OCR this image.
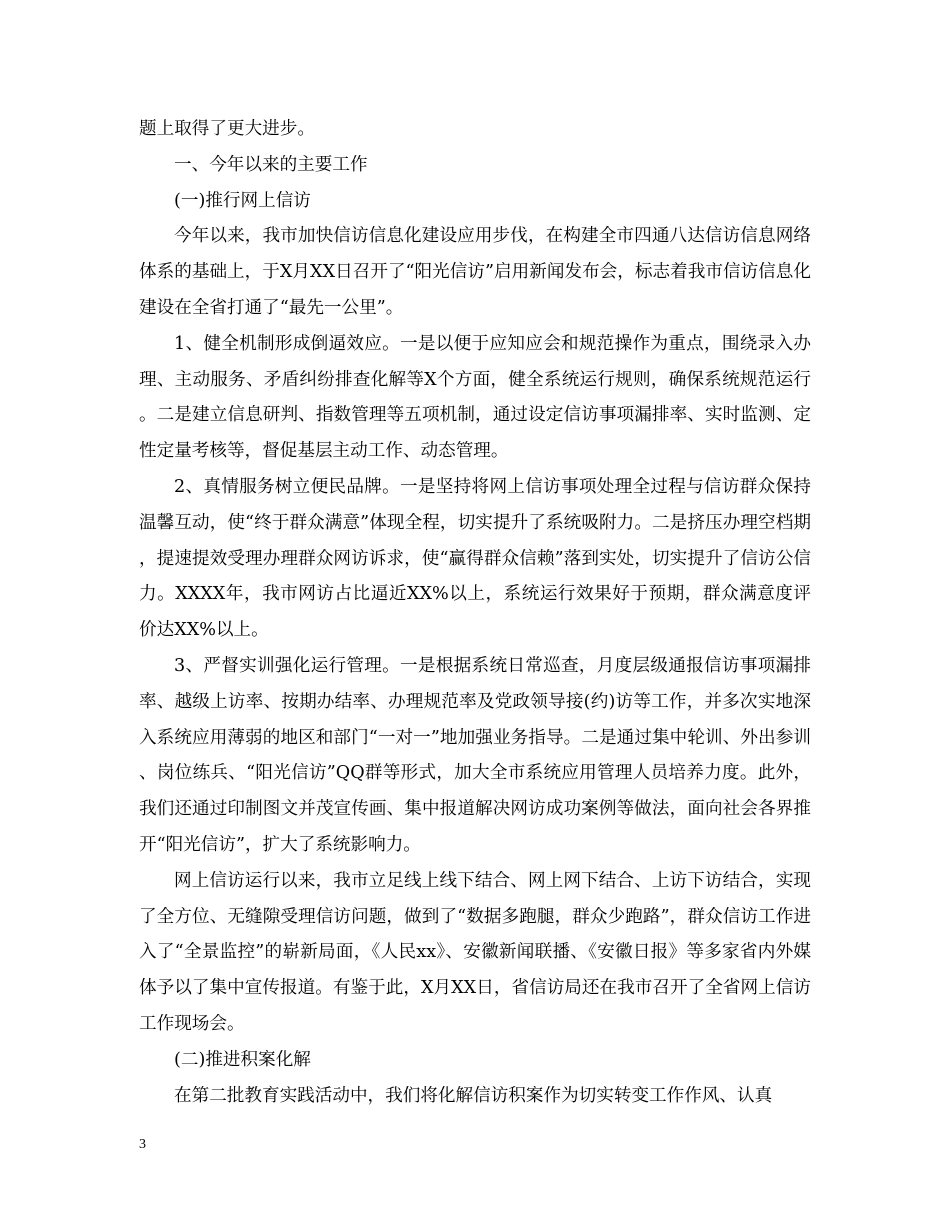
题上取得了更大进步。

一、今年以来的主要工作

(一)推行网上信访

今年以来，我市加快信访信息化建设应用步伐，在构建全市四通八达信访信息网络体系的基础上，于X月XX日召开了“阳光信访”启用新闻发布会，标志着我市信访信息化建设在全省打通了“最先一公里”。

1、健全机制形成倒逼效应。一是以便于应知应会和规范操作为重点，围绕录入办理、主动服务、矛盾纠纷排查化解等X个方面，健全系统运行规则，确保系统规范运行。二是建立信息研判、指数管理等五项机制，通过设定信访事项漏排率、实时监测、定性定量考核等，督促基层主动工作、动态管理。

2、真情服务树立便民品牌。一是坚持将网上信访事项处理全过程与信访群众保持温馨互动，使“终于群众满意”体现全程，切实提升了系统吸附力。二是挤压办理空档期，提速提效受理办理群众网访诉求，使“赢得群众信赖”落到实处，切实提升了信访公信力。XXXX年，我市网访占比逼近XX%以上，系统运行效果好于预期，群众满意度评价达XX%以上。

3、严督实训强化运行管理。一是根据系统日常巡查，月度层级通报信访事项漏排率、越级上访率、按期办结率、办理规范率及党政领导接(约)访等工作，并多次实地深入系统应用薄弱的地区和部门“一对一”地加强业务指导。二是通过集中轮训、外出参训、岗位练兵、“阳光信访”QQ群等形式，加大全市系统应用管理人员培养力度。此外，我们还通过印制图文并茂宣传画、集中报道解决网访成功案例等做法，面向社会各界推开“阳光信访”，扩大了系统影响力。

网上信访运行以来，我市立足线上线下结合、网上网下结合、上访下访结合，实现了全方位、无缝隙受理信访问题，做到了“数据多跑腿，群众少跑路”，群众信访工作进入了“全景监控”的崭新局面，《人民xx》、安徽新闻联播、《安徽日报》等多家省内外媒体予以了集中宣传报道。有鉴于此，X月XX日，省信访局还在我市召开了全省网上信访工作现场会。

(二)推进积案化解

在第二批教育实践活动中，我们将化解信访积案作为切实转变工作作风、认真

3
